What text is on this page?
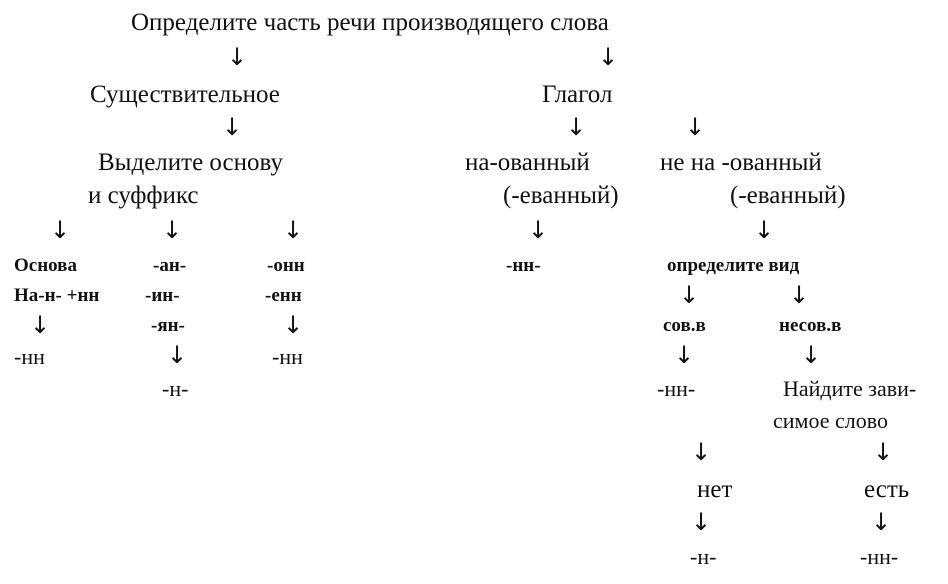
Определите часть речи производящего слова
↓	↓
Существительное
↓
Выделите основу
и суффикс
↓	↓	↓
Основа
На-н- +нн
↓
-нн
-ан-
-ин-
-ян-
↓
-н-
-онн
-енн
↓
-нн
Глагол
↓	↓
на-ованный
(-еванный)
↓
-нн-
не на -ованный
(-еванный)
↓
определите вид
↓	↓
сов.в
↓
-нн-
несов.в
↓
Найдите зави-
симое слово
↓	↓
нет	есть
↓	↓
-н-	-нн-
